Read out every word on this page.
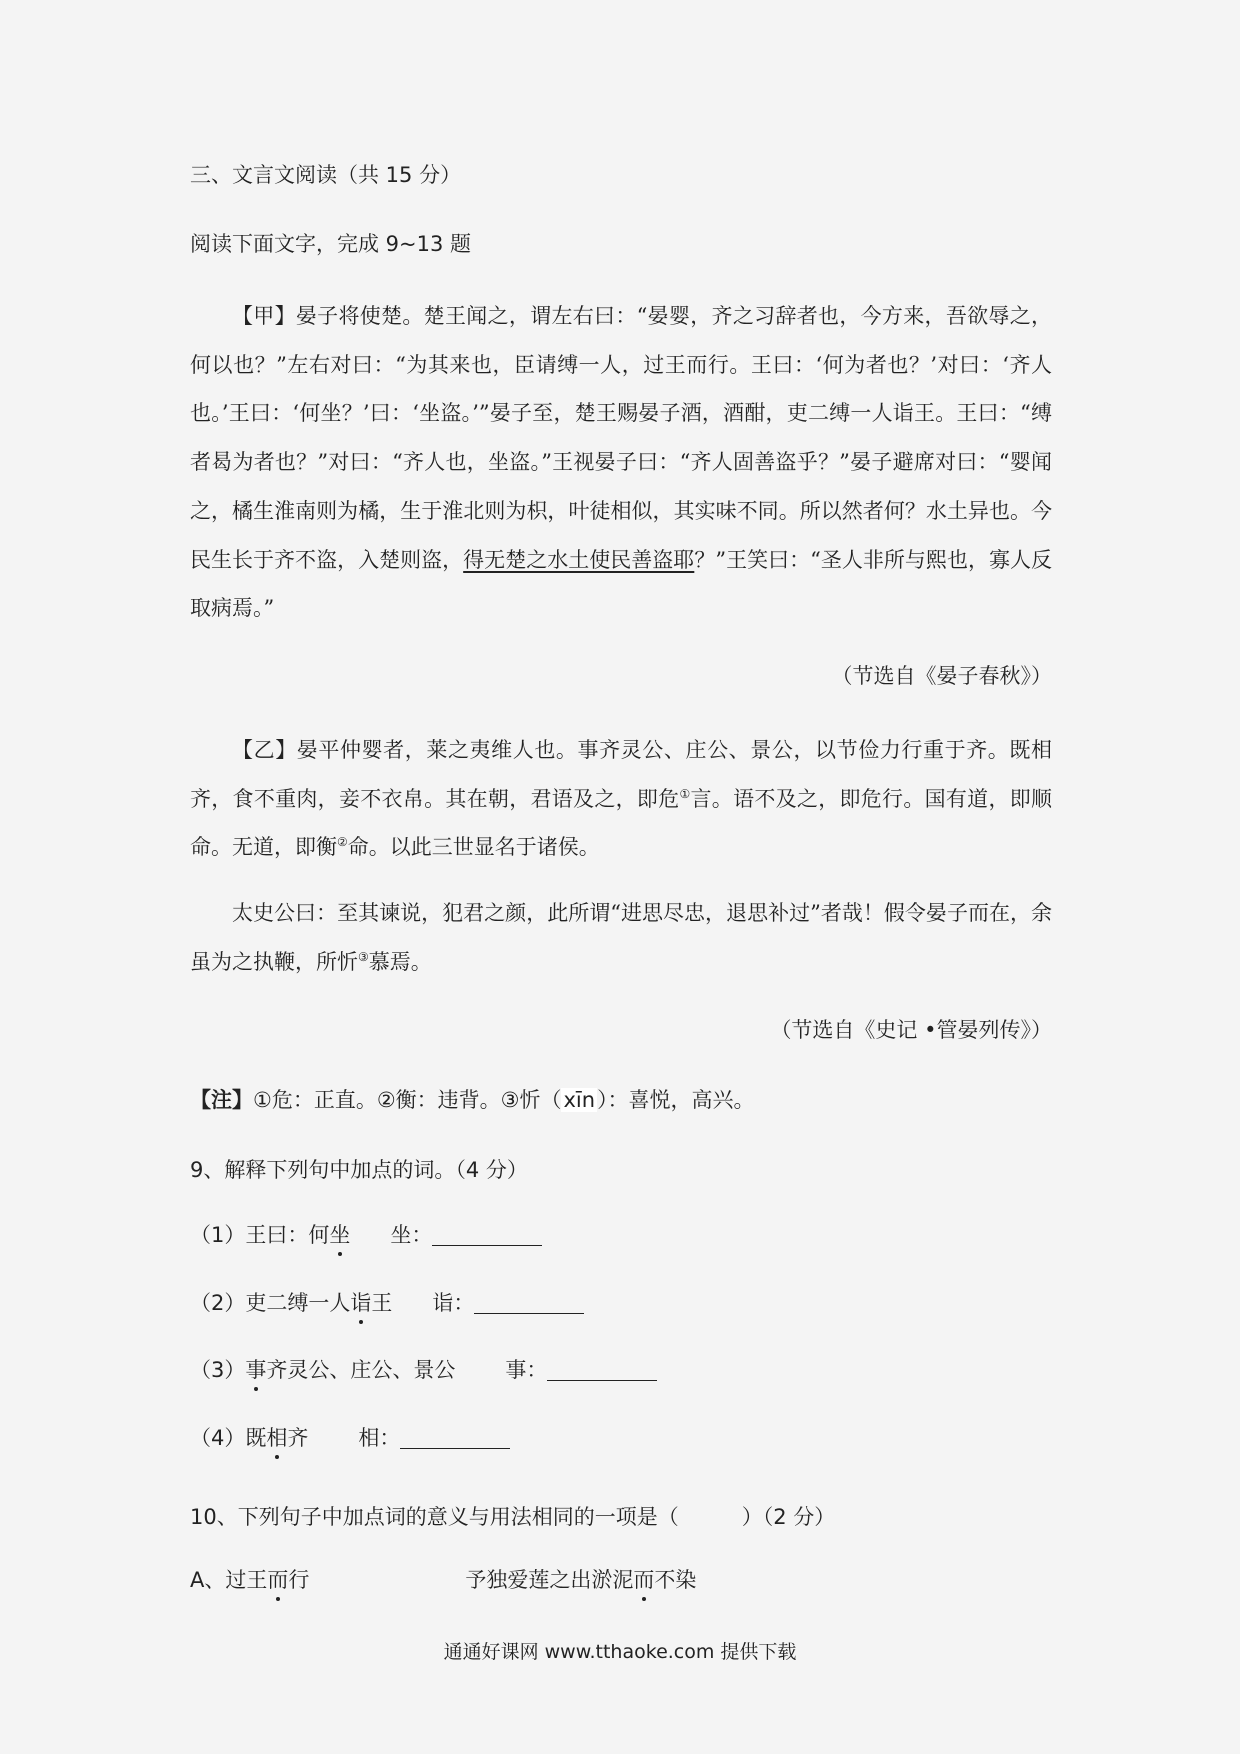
三、文言文阅读（共 15 分）
阅读下面文字，完成 9~13 题
【甲】晏子将使楚。楚王闻之，谓左右曰：“晏婴，齐之习辞者也，今方来，吾欲辱之，何以也？”左右对曰：“为其来也，臣请缚一人，过王而行。王曰：‘何为者也？’对曰：‘齐人也。’王曰：‘何坐？’曰：‘坐盗。’”晏子至，楚王赐晏子酒，酒酣，吏二缚一人诣王。王曰：“缚者曷为者也？”对曰：“齐人也，坐盗。”王视晏子曰：“齐人固善盗乎？”晏子避席对曰：“婴闻之，橘生淮南则为橘，生于淮北则为枳，叶徒相似，其实味不同。所以然者何？水土异也。今民生长于齐不盗，入楚则盗，得无楚之水土使民善盗耶？”王笑曰：“圣人非所与熙也，寡人反取病焉。”
（节选自《晏子春秋》）
【乙】晏平仲婴者，莱之夷维人也。事齐灵公、庄公、景公，以节俭力行重于齐。既相齐，食不重肉，妾不衣帛。其在朝，君语及之，即危①言。语不及之，即危行。国有道，即顺命。无道，即衡②命。以此三世显名于诸侯。
太史公曰：至其谏说，犯君之颜，此所谓“进思尽忠，退思补过”者哉！假令晏子而在，余虽为之执鞭，所忻③慕焉。
（节选自《史记 •管晏列传》）
【注】①危：正直。②衡：违背。③忻（xīn）：喜悦，高兴。
9、解释下列句中加点的词。（4 分）
（1）王曰：何坐 坐：
（2）吏二缚一人诣王 诣：
（3）事齐灵公、庄公、景公 事：
（4）既相齐 相：
10、下列句子中加点词的意义与用法相同的一项是（　　　）（2 分）
A、过王而行	予独爱莲之出淤泥而不染
通通好课网 www.tthaoke.com 提供下载
